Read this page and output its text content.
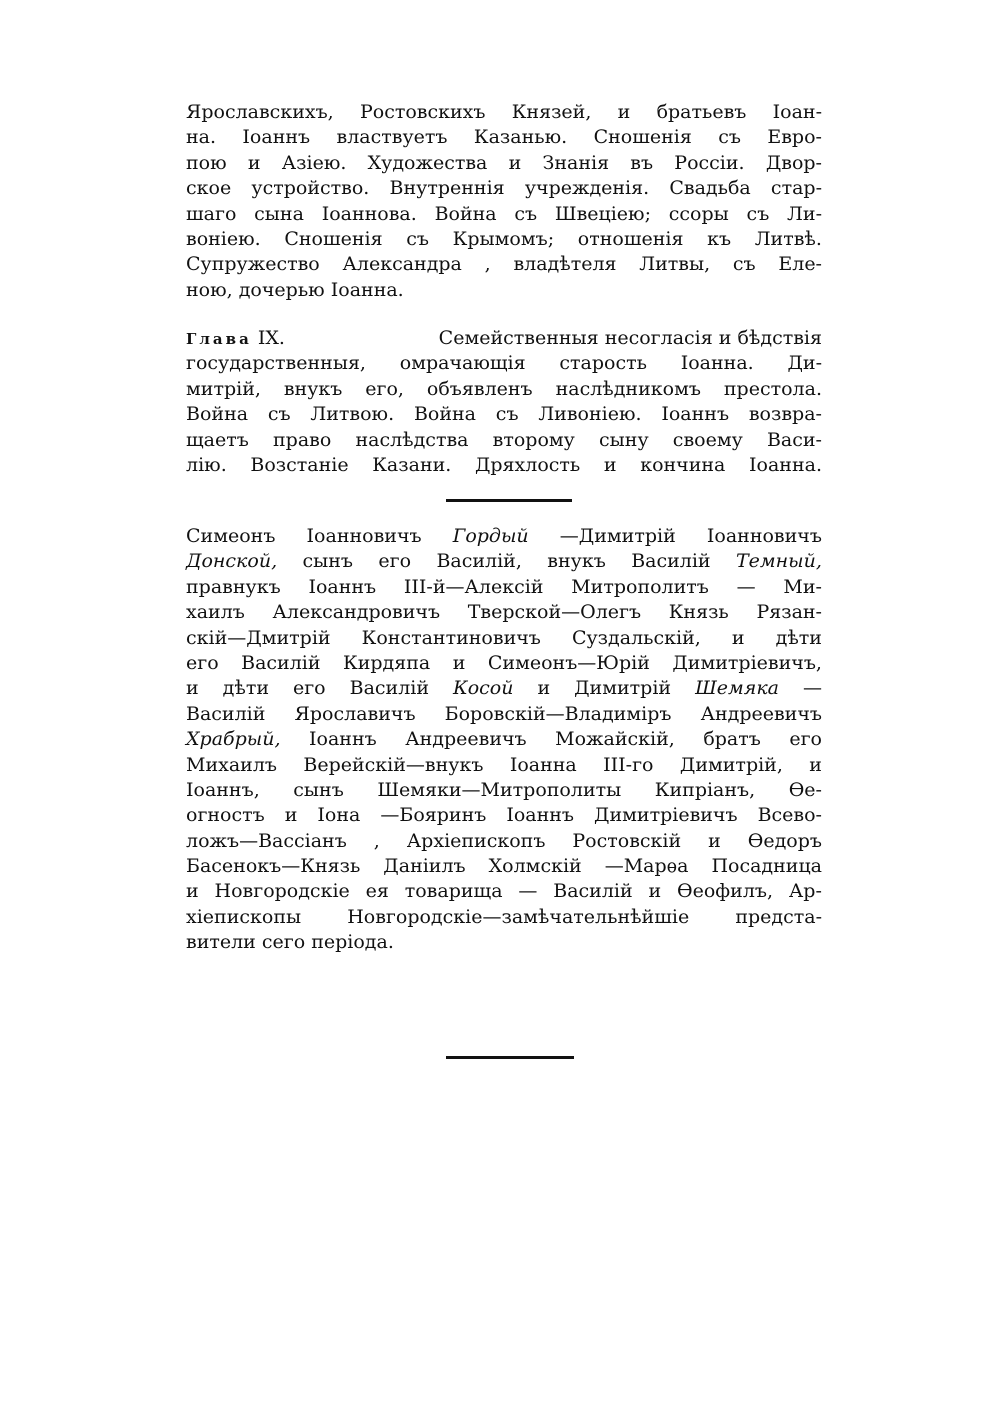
Ярославскихъ, Ростовскихъ Князей, и братьевъ Іоан-
на. Іоаннъ властвуетъ Казанью. Сношенія съ Евро-
пою и Азіею. Художества и Знанія въ Россіи. Двор-
ское устройство. Внутреннія учрежденія. Свадьба стар-
шаго сына Іоаннова. Война съ Швеціею; ссоры съ Ли-
воніею. Сношенія съ Крымомъ; отношенія къ Литвѣ.
Супружество Александра , владѣтеля Литвы, съ Еле-
ною, дочерью Іоанна.
Глава IX.	Семейственныя несогласія и бѣдствія
государственныя, омрачающія старость Іоанна. Ди-
митрій, внукъ его, объявленъ наслѣдникомъ престола.
Война съ Литвою. Война съ Ливоніею. Іоаннъ возвра-
щаетъ право наслѣдства второму сыну своему Васи-
лію. Возстаніе Казани. Дряхлость и кончина Іоанна.
Симеонъ Іоанновичъ Гордый —Димитрій Іоанновичъ
Донской, сынъ его Василій, внукъ Василій Темный,
правнукъ Іоаннъ III-й—Алексій Митрополитъ — Ми-
хаилъ Александровичъ Тверской—Олегъ Князь Рязан-
скій—Дмитрій Константиновичъ Суздальскій, и дѣти
его Василій Кирдяпа и Симеонъ—Юрій Димитріевичъ,
и дѣти его Василій Косой и Димитрій Шемяка —
Василій Ярославичъ Боровскій—Владиміръ Андреевичъ
Храбрый, Іоаннъ Андреевичъ Можайскій, братъ его
Михаилъ Верейскій—внукъ Іоанна III-го Димитрій, и
Іоаннъ, сынъ Шемяки—Митрополиты Кипріанъ, Ѳе-
огностъ и Іона —Бояринъ Іоаннъ Димитріевичъ Всево-
ложъ—Вассіанъ , Архіепископъ Ростовскій и Ѳедоръ
Басенокъ—Князь Даніилъ Холмскій —Марѳа Посадница
и Новгородскіе ея товарища — Василій и Ѳеофилъ, Ар-
хіепископы Новгородскіе—замѣчательнѣйшіе предста-
вители сего періода.
